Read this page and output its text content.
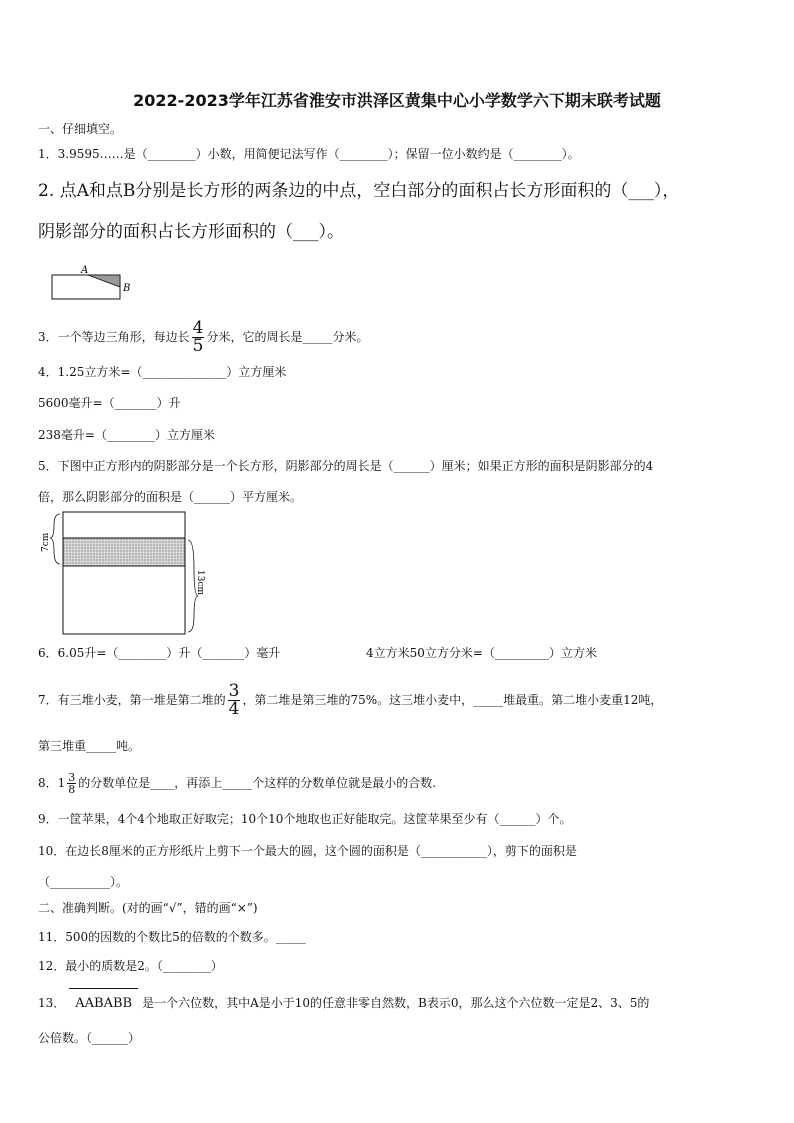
2022-2023学年江苏省淮安市洪泽区黄集中心小学数学六下期末联考试题
一、仔细填空。
1．3.9595……是（________）小数，用简便记法写作（________）；保留一位小数约是（________）。
2. 点A和点B分别是长方形的两条边的中点，空白部分的面积占长方形面积的（___），
阴影部分的面积占长方形面积的（___）。
A
B
3．一个等边三角形，每边长 $\frac{4}{5}$ 分米，它的周长是_____分米。
4．1.25立方米=（______________）立方厘米
5600毫升=（_______）升
238毫升=（________）立方厘米
5．下图中正方形内的阴影部分是一个长方形，阴影部分的周长是（______）厘米；如果正方形的面积是阴影部分的4
倍，那么阴影部分的面积是（______）平方厘米。
7cm
13cm
6．6.05升=（________）升（_______）毫升	4立方米50立方分米=（_________）立方米
7．有三堆小麦，第一堆是第二堆的 $\frac{3}{4}$ ，第二堆是第三堆的75%。这三堆小麦中，_____堆最重。第二堆小麦重12吨，
第三堆重_____吨。
8．$1 \frac{3}{8}$ 的分数单位是____，再添上_____个这样的分数单位就是最小的合数.
9．一筐苹果，4个4个地取正好取完；10个10个地取也正好能取完。这筐苹果至少有（______）个。
10．在边长8厘米的正方形纸片上剪下一个最大的圆，这个圆的面积是（___________），剪下的面积是
（__________）。
二、准确判断。(对的画“√”，错的画“×”)
11．500的因数的个数比5的倍数的个数多。_____
12．最小的质数是2。（________）
13． AABABB 是一个六位数，其中A是小于10的任意非零自然数，B表示0，那么这个六位数一定是2、3、5的
公倍数。（______）
